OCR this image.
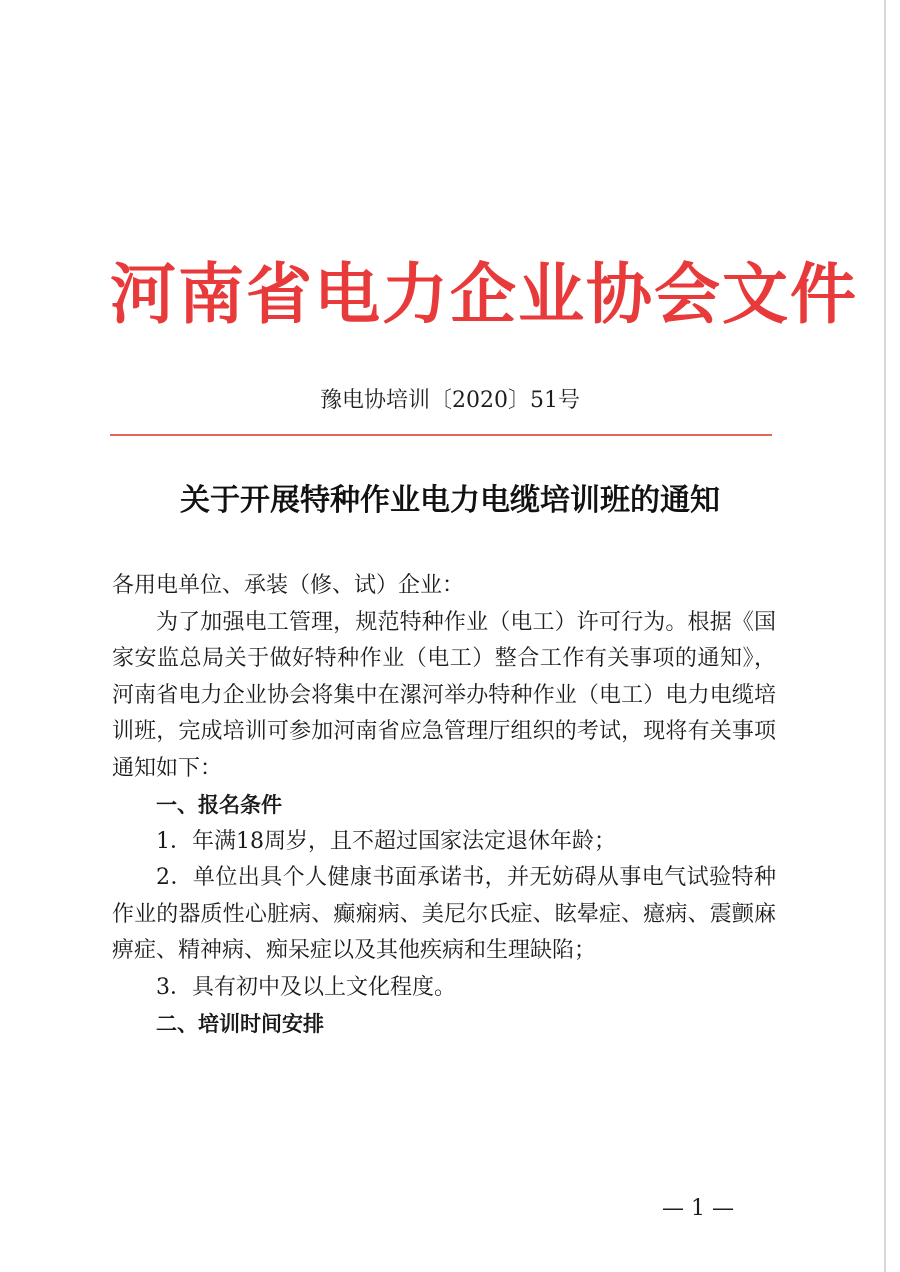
河南省电力企业协会文件
豫电协培训〔2020〕51号
关于开展特种作业电力电缆培训班的通知

各用电单位、承装（修、试）企业：

为了加强电工管理，规范特种作业（电工）许可行为。根据《国家安监总局关于做好特种作业（电工）整合工作有关事项的通知》，河南省电力企业协会将集中在漯河举办特种作业（电工）电力电缆培训班，完成培训可参加河南省应急管理厅组织的考试，现将有关事项通知如下：

一、报名条件

1．年满18周岁，且不超过国家法定退休年龄；

2．单位出具个人健康书面承诺书，并无妨碍从事电气试验特种作业的器质性心脏病、癫痫病、美尼尔氏症、眩晕症、癔病、震颤麻痹症、精神病、痴呆症以及其他疾病和生理缺陷；

3．具有初中及以上文化程度。

二、培训时间安排

— 1 —
